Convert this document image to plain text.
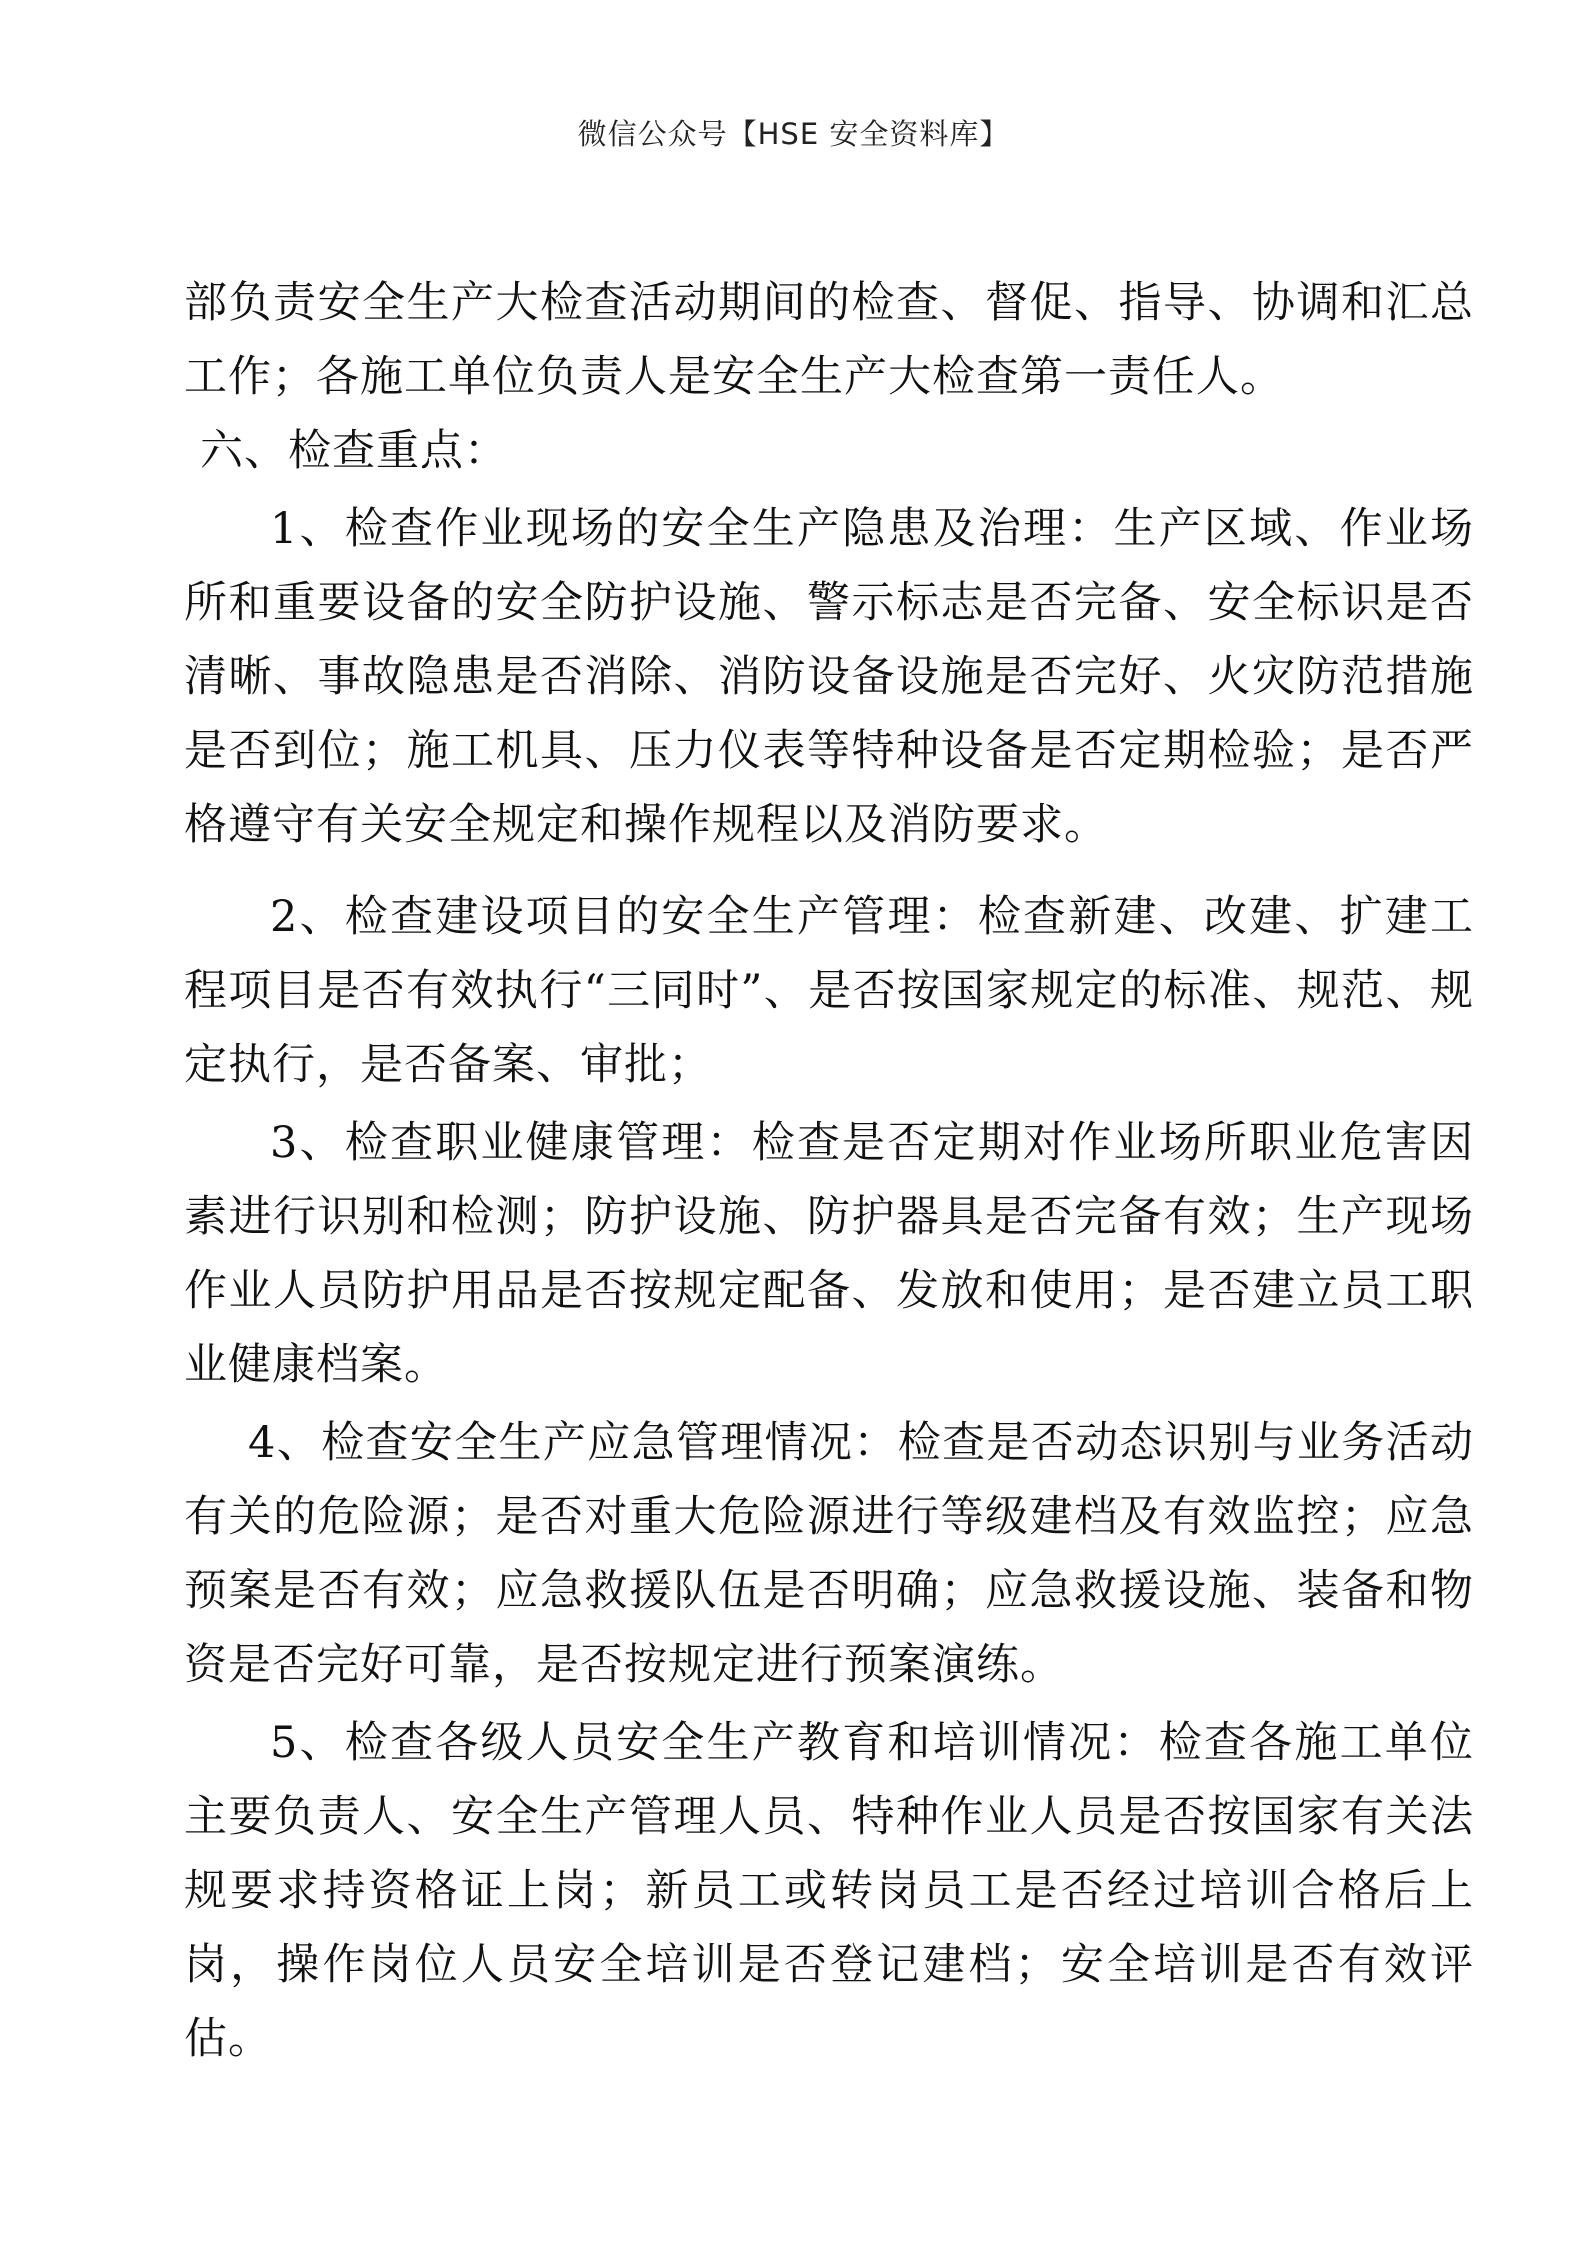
微信公众号【HSE 安全资料库】

部负责安全生产大检查活动期间的检查、督促、指导、协调和汇总工作；各施工单位负责人是安全生产大检查第一责任人。

六、检查重点：

1、检查作业现场的安全生产隐患及治理：生产区域、作业场所和重要设备的安全防护设施、警示标志是否完备、安全标识是否清晰、事故隐患是否消除、消防设备设施是否完好、火灾防范措施是否到位；施工机具、压力仪表等特种设备是否定期检验；是否严格遵守有关安全规定和操作规程以及消防要求。

2、检查建设项目的安全生产管理：检查新建、改建、扩建工程项目是否有效执行“三同时”、是否按国家规定的标准、规范、规定执行，是否备案、审批；

3、检查职业健康管理：检查是否定期对作业场所职业危害因素进行识别和检测；防护设施、防护器具是否完备有效；生产现场作业人员防护用品是否按规定配备、发放和使用；是否建立员工职业健康档案。

4、检查安全生产应急管理情况：检查是否动态识别与业务活动有关的危险源；是否对重大危险源进行等级建档及有效监控；应急预案是否有效；应急救援队伍是否明确；应急救援设施、装备和物资是否完好可靠，是否按规定进行预案演练。

5、检查各级人员安全生产教育和培训情况：检查各施工单位主要负责人、安全生产管理人员、特种作业人员是否按国家有关法规要求持资格证上岗；新员工或转岗员工是否经过培训合格后上岗，操作岗位人员安全培训是否登记建档；安全培训是否有效评估。
